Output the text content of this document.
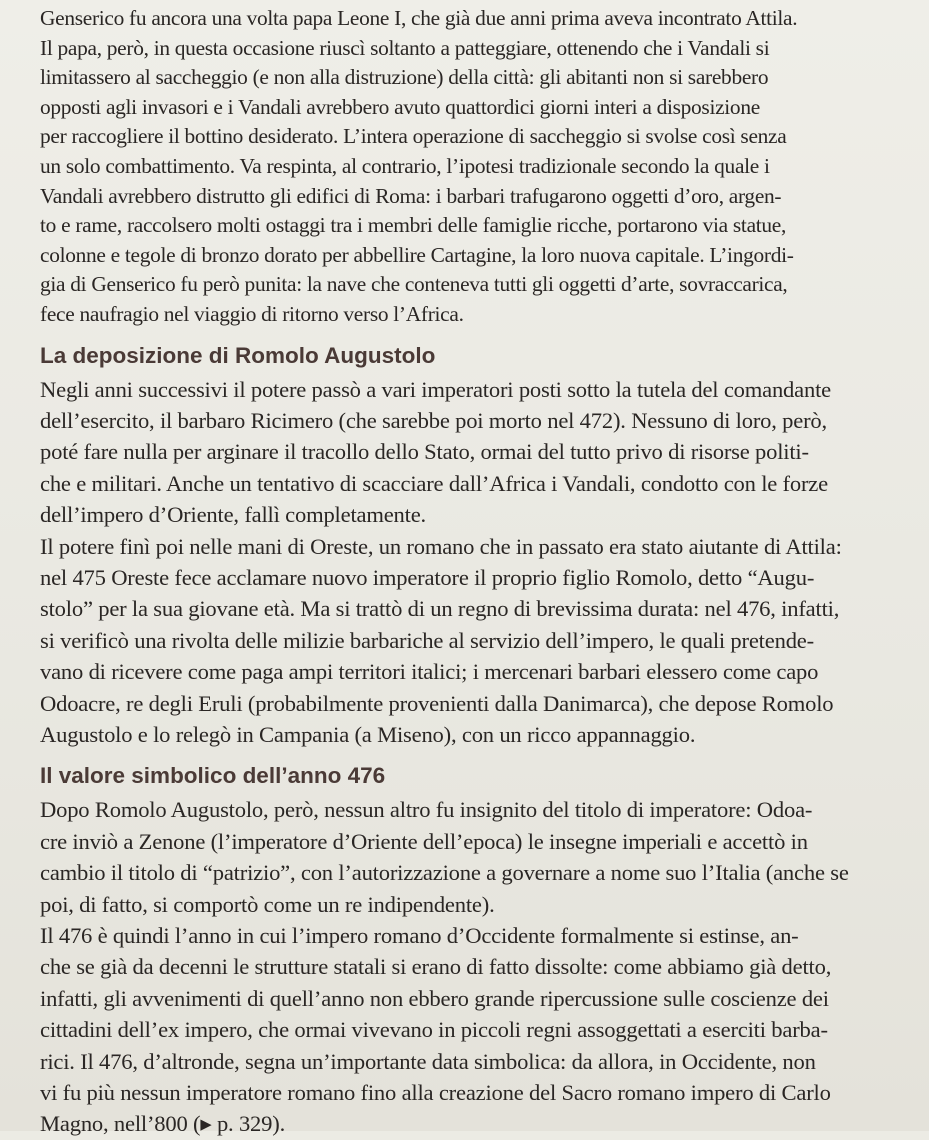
Genserico fu ancora una volta papa Leone I, che già due anni prima aveva incontrato Attila.
Il papa, però, in questa occasione riuscì soltanto a patteggiare, ottenendo che i Vandali si
limitassero al saccheggio (e non alla distruzione) della città: gli abitanti non si sarebbero
opposti agli invasori e i Vandali avrebbero avuto quattordici giorni interi a disposizione
per raccogliere il bottino desiderato. L’intera operazione di saccheggio si svolse così senza
un solo combattimento. Va respinta, al contrario, l’ipotesi tradizionale secondo la quale i
Vandali avrebbero distrutto gli edifici di Roma: i barbari trafugarono oggetti d’oro, argen-
to e rame, raccolsero molti ostaggi tra i membri delle famiglie ricche, portarono via statue,
colonne e tegole di bronzo dorato per abbellire Cartagine, la loro nuova capitale. L’ingordi-
gia di Genserico fu però punita: la nave che conteneva tutti gli oggetti d’arte, sovraccarica,
fece naufragio nel viaggio di ritorno verso l’Africa.
La deposizione di Romolo Augustolo
Negli anni successivi il potere passò a vari imperatori posti sotto la tutela del comandante
dell’esercito, il barbaro Ricimero (che sarebbe poi morto nel 472). Nessuno di loro, però,
poté fare nulla per arginare il tracollo dello Stato, ormai del tutto privo di risorse politi-
che e militari. Anche un tentativo di scacciare dall’Africa i Vandali, condotto con le forze
dell’impero d’Oriente, fallì completamente.
Il potere finì poi nelle mani di Oreste, un romano che in passato era stato aiutante di Attila:
nel 475 Oreste fece acclamare nuovo imperatore il proprio figlio Romolo, detto “Augu-
stolo” per la sua giovane età. Ma si trattò di un regno di brevissima durata: nel 476, infatti,
si verificò una rivolta delle milizie barbariche al servizio dell’impero, le quali pretende-
vano di ricevere come paga ampi territori italici; i mercenari barbari elessero come capo
Odoacre, re degli Eruli (probabilmente provenienti dalla Danimarca), che depose Romolo
Augustolo e lo relegò in Campania (a Miseno), con un ricco appannaggio.
Il valore simbolico dell’anno 476
Dopo Romolo Augustolo, però, nessun altro fu insignito del titolo di imperatore: Odoa-
cre inviò a Zenone (l’imperatore d’Oriente dell’epoca) le insegne imperiali e accettò in
cambio il titolo di “patrizio”, con l’autorizzazione a governare a nome suo l’Italia (anche se
poi, di fatto, si comportò come un re indipendente).
Il 476 è quindi l’anno in cui l’impero romano d’Occidente formalmente si estinse, an-
che se già da decenni le strutture statali si erano di fatto dissolte: come abbiamo già detto,
infatti, gli avvenimenti di quell’anno non ebbero grande ripercussione sulle coscienze dei
cittadini dell’ex impero, che ormai vivevano in piccoli regni assoggettati a eserciti barba-
rici. Il 476, d’altronde, segna un’importante data simbolica: da allora, in Occidente, non
vi fu più nessun imperatore romano fino alla creazione del Sacro romano impero di Carlo
Magno, nell’800 (▸ p. 329).
